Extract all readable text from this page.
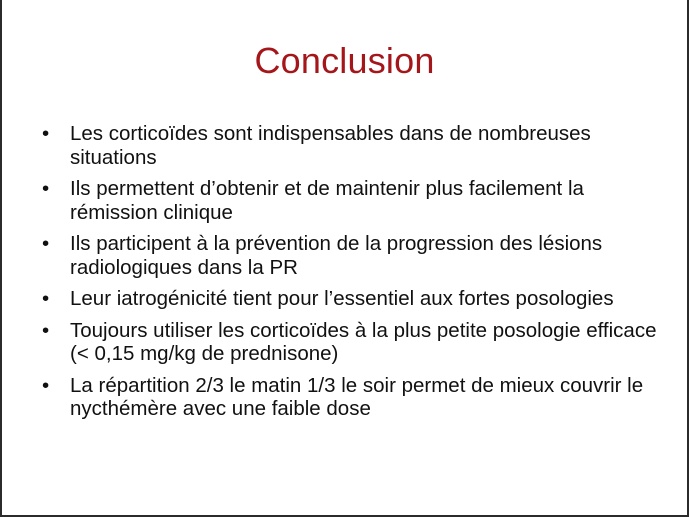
Conclusion
•	Les corticoïdes sont indispensables dans de nombreuses situations
•	Ils permettent d’obtenir et de maintenir plus facilement la rémission clinique
•	Ils participent à la prévention de la progression des lésions radiologiques dans la PR
•	Leur iatrogénicité tient pour l’essentiel aux fortes posologies
•	Toujours utiliser les corticoïdes à la plus petite posologie efficace (< 0,15 mg/kg de prednisone)
•	La répartition 2/3 le matin 1/3 le soir permet de mieux couvrir le nycthémère avec une faible dose
